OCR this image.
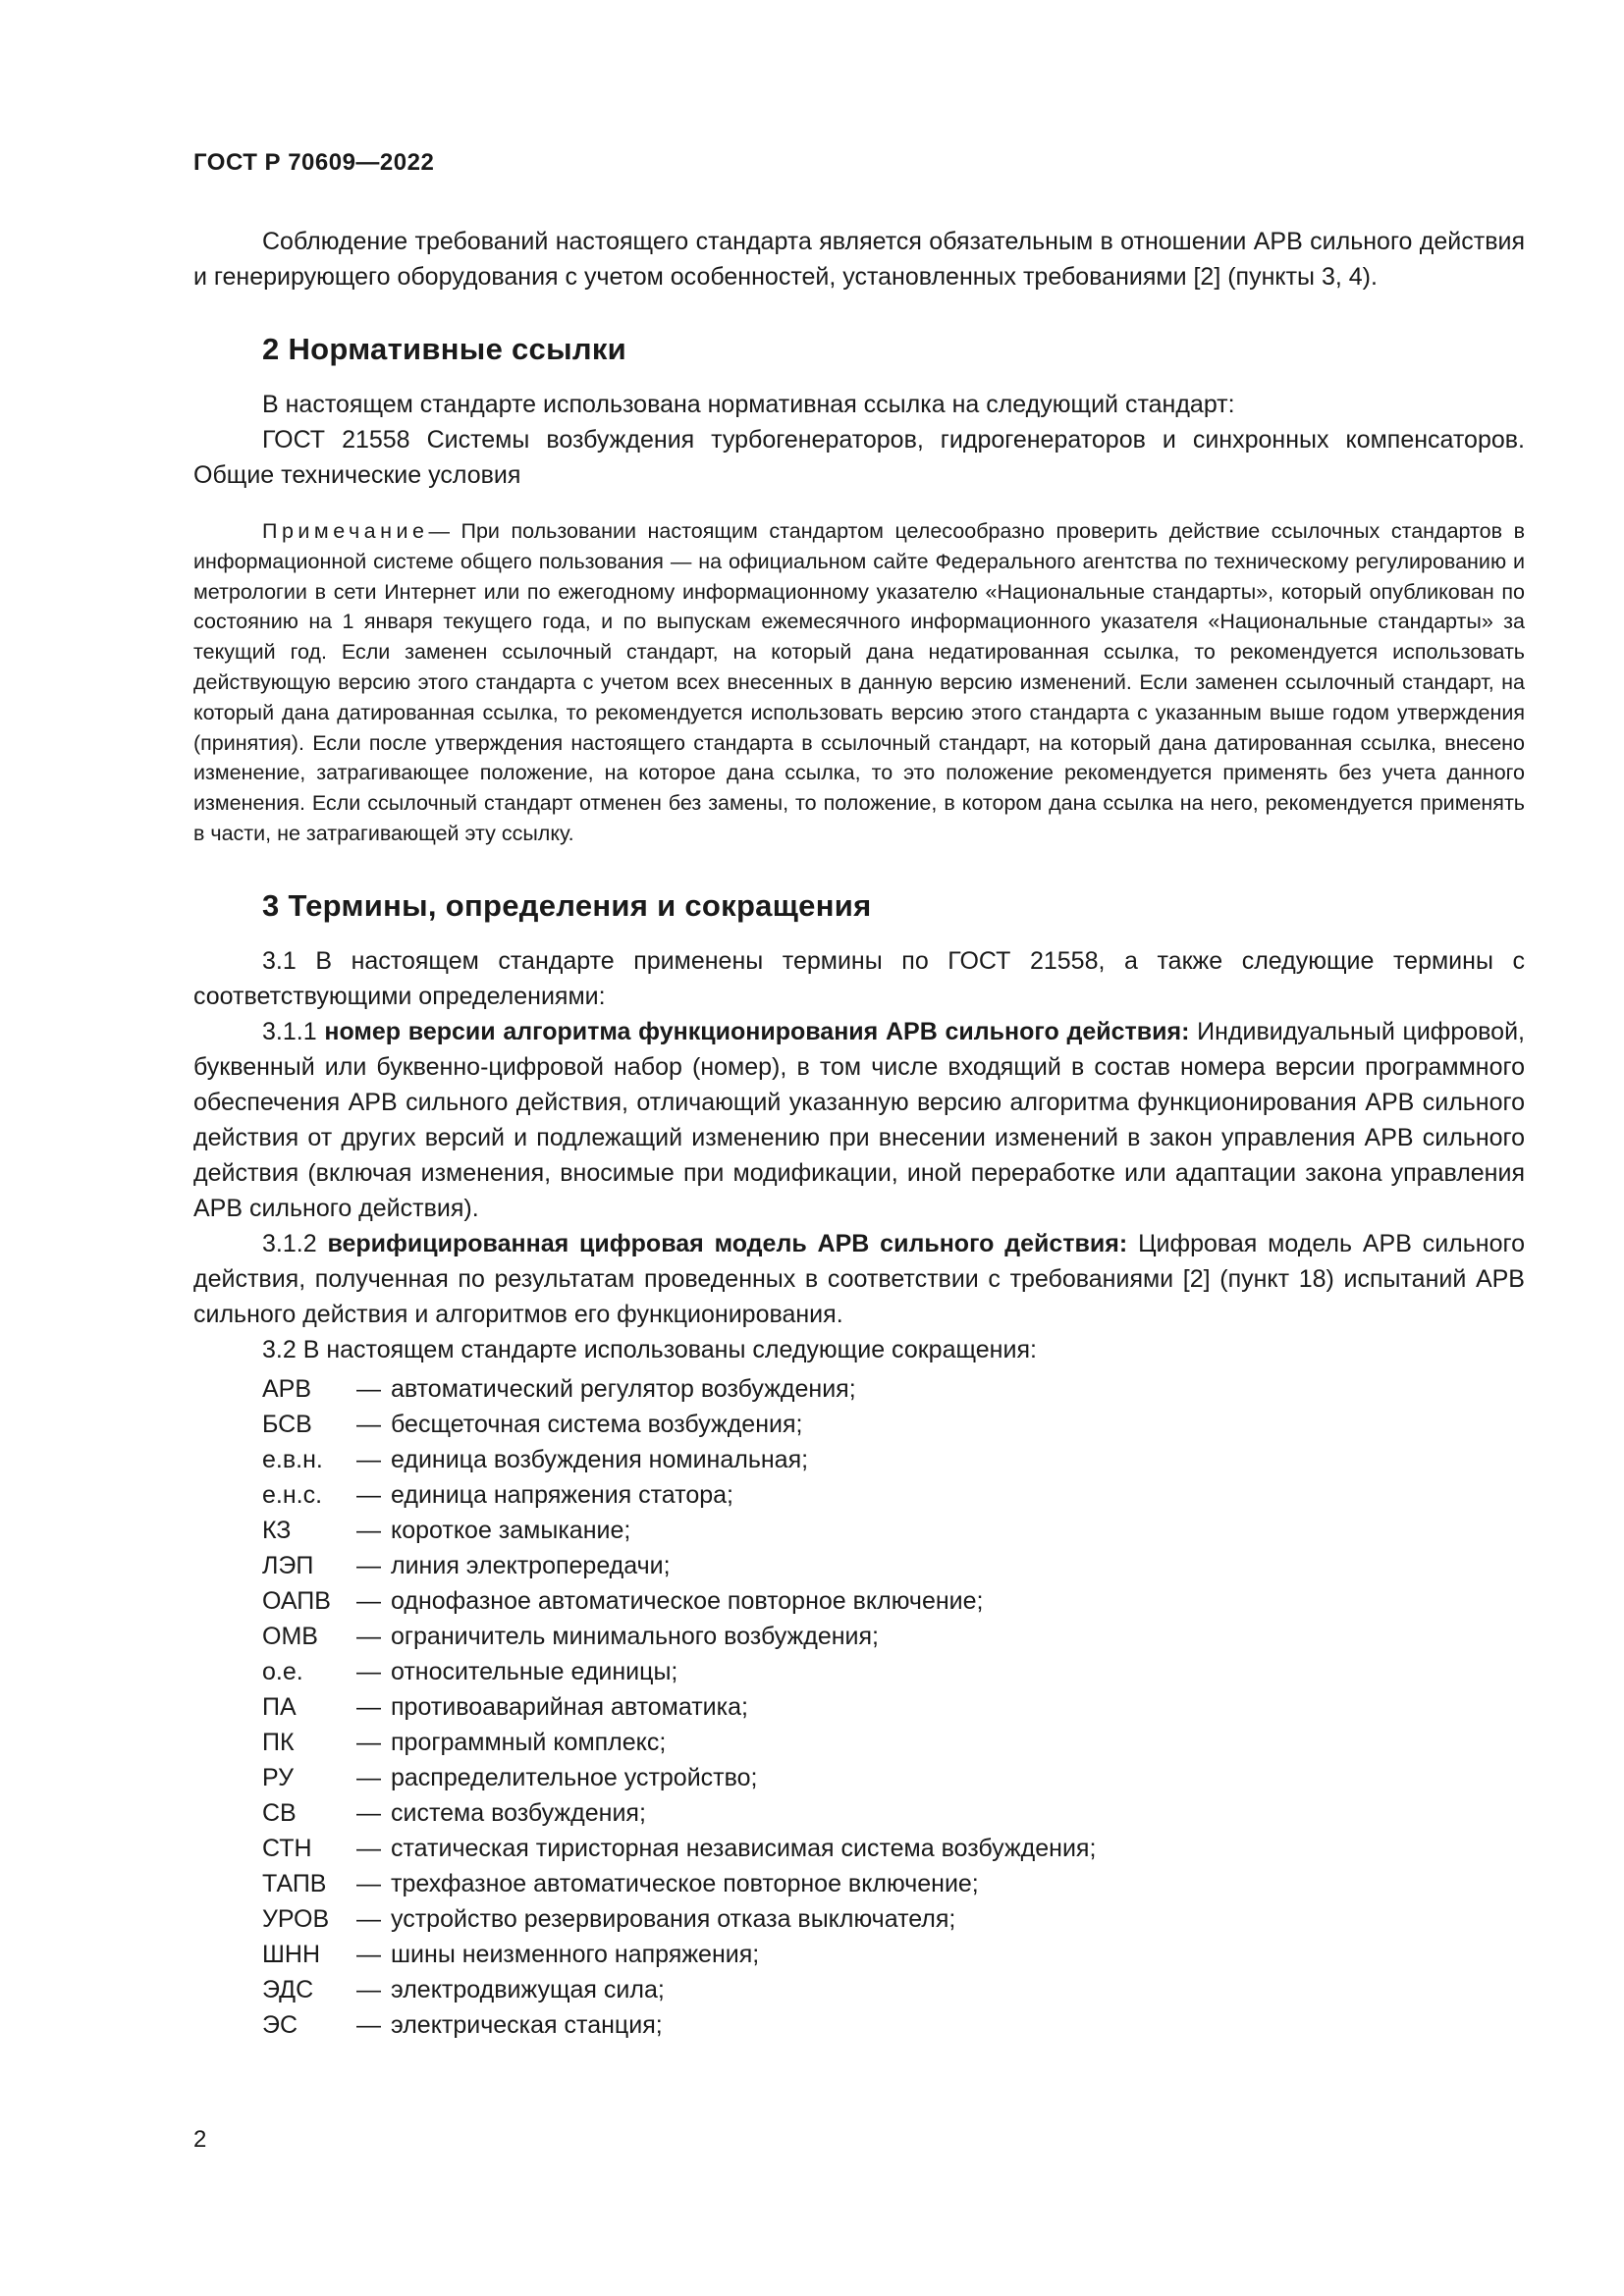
ГОСТ Р 70609—2022

Соблюдение требований настоящего стандарта является обязательным в отношении АРВ сильного действия и генерирующего оборудования с учетом особенностей, установленных требованиями [2] (пункты 3, 4).

2 Нормативные ссылки

В настоящем стандарте использована нормативная ссылка на следующий стандарт:

ГОСТ 21558 Системы возбуждения турбогенераторов, гидрогенераторов и синхронных компенсаторов. Общие технические условия

Примечание— При пользовании настоящим стандартом целесообразно проверить действие ссылочных стандартов в информационной системе общего пользования — на официальном сайте Федерального агентства по техническому регулированию и метрологии в сети Интернет или по ежегодному информационному указателю «Национальные стандарты», который опубликован по состоянию на 1 января текущего года, и по выпускам ежемесячного информационного указателя «Национальные стандарты» за текущий год. Если заменен ссылочный стандарт, на который дана недатированная ссылка, то рекомендуется использовать действующую версию этого стандарта с учетом всех внесенных в данную версию изменений. Если заменен ссылочный стандарт, на который дана датированная ссылка, то рекомендуется использовать версию этого стандарта с указанным выше годом утверждения (принятия). Если после утверждения настоящего стандарта в ссылочный стандарт, на который дана датированная ссылка, внесено изменение, затрагивающее положение, на которое дана ссылка, то это положение рекомендуется применять без учета данного изменения. Если ссылочный стандарт отменен без замены, то положение, в котором дана ссылка на него, рекомендуется применять в части, не затрагивающей эту ссылку.
3 Термины, определения и сокращения

3.1 В настоящем стандарте применены термины по ГОСТ 21558, а также следующие термины с соответствующими определениями:

3.1.1 номер версии алгоритма функционирования АРВ сильного действия: Индивидуальный цифровой, буквенный или буквенно-цифровой набор (номер), в том числе входящий в состав номера версии программного обеспечения АРВ сильного действия, отличающий указанную версию алгоритма функционирования АРВ сильного действия от других версий и подлежащий изменению при внесении изменений в закон управления АРВ сильного действия (включая изменения, вносимые при модификации, иной переработке или адаптации закона управления АРВ сильного действия).

3.1.2 верифицированная цифровая модель АРВ сильного действия: Цифровая модель АРВ сильного действия, полученная по результатам проведенных в соответствии с требованиями [2] (пункт 18) испытаний АРВ сильного действия и алгоритмов его функционирования.

3.2 В настоящем стандарте использованы следующие сокращения:

АРВ	— автоматический регулятор возбуждения;
БСВ	— бесщеточная система возбуждения;
е.в.н.	— единица возбуждения номинальная;
е.н.с.	— единица напряжения статора;
КЗ	— короткое замыкание;
ЛЭП	— линия электропередачи;
ОАПВ	— однофазное автоматическое повторное включение;
ОМВ	— ограничитель минимального возбуждения;
о.е.	— относительные единицы;
ПА	— противоаварийная автоматика;
ПК	— программный комплекс;
РУ	— распределительное устройство;
СВ	— система возбуждения;
СТН	— статическая тиристорная независимая система возбуждения;
ТАПВ	— трехфазное автоматическое повторное включение;
УРОВ	— устройство резервирования отказа выключателя;
ШНН	— шины неизменного напряжения;
ЭДС	— электродвижущая сила;
ЭС	— электрическая станция;
2
